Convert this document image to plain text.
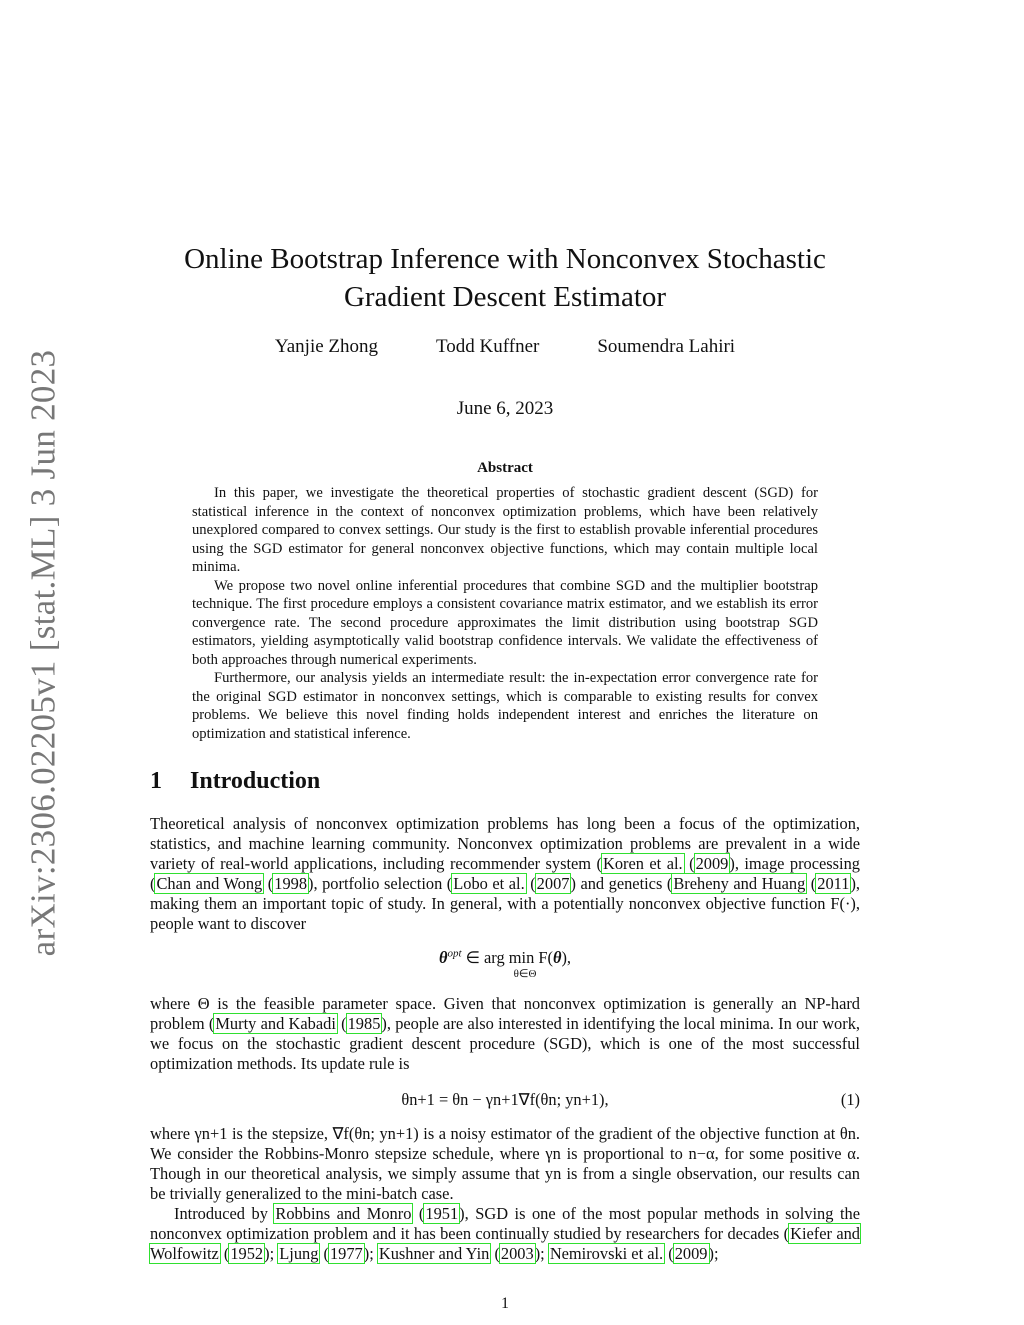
arXiv:2306.02205v1 [stat.ML] 3 Jun 2023
Online Bootstrap Inference with Nonconvex Stochastic
Gradient Descent Estimator
Yanjie Zhong	Todd Kuffner	Soumendra Lahiri
June 6, 2023
Abstract

In this paper, we investigate the theoretical properties of stochastic gradient descent (SGD) for statistical inference in the context of nonconvex optimization problems, which have been relatively unexplored compared to convex settings. Our study is the first to establish provable inferential procedures using the SGD estimator for general nonconvex objective functions, which may contain multiple local minima.

We propose two novel online inferential procedures that combine SGD and the multiplier bootstrap technique. The first procedure employs a consistent covariance matrix estimator, and we establish its error convergence rate. The second procedure approximates the limit distribution using bootstrap SGD estimators, yielding asymptotically valid bootstrap confidence intervals. We validate the effectiveness of both approaches through numerical experiments.

Furthermore, our analysis yields an intermediate result: the in-expectation error convergence rate for the original SGD estimator in nonconvex settings, which is comparable to existing results for convex problems. We believe this novel finding holds independent interest and enriches the literature on optimization and statistical inference.

1 Introduction

Theoretical analysis of nonconvex optimization problems has long been a focus of the optimization, statistics, and machine learning community. Nonconvex optimization problems are prevalent in a wide variety of real-world applications, including recommender system (Koren et al. (2009), image processing (Chan and Wong (1998), portfolio selection (Lobo et al. (2007) and genetics (Breheny and Huang (2011), making them an important topic of study. In general, with a potentially nonconvex objective function F(·), people want to discover

$\theta^{opt}$ ∈ arg min F(θ),
θ∈Θ

where Θ is the feasible parameter space. Given that nonconvex optimization is generally an NP-hard problem (Murty and Kabadi (1985), people are also interested in identifying the local minima. In our work, we focus on the stochastic gradient descent procedure (SGD), which is one of the most successful optimization methods. Its update rule is

θn+1 = θn − γn+1∇f(θn; yn+1),	(1)

where γn+1 is the stepsize, ∇f(θn; yn+1) is a noisy estimator of the gradient of the objective function at θn. We consider the Robbins-Monro stepsize schedule, where γn is proportional to n−α, for some positive α. Though in our theoretical analysis, we simply assume that yn is from a single observation, our results can be trivially generalized to the mini-batch case.

Introduced by Robbins and Monro (1951), SGD is one of the most popular methods in solving the nonconvex optimization problem and it has been continually studied by researchers for decades (Kiefer and Wolfowitz (1952); Ljung (1977); Kushner and Yin (2003); Nemirovski et al. (2009);

1
